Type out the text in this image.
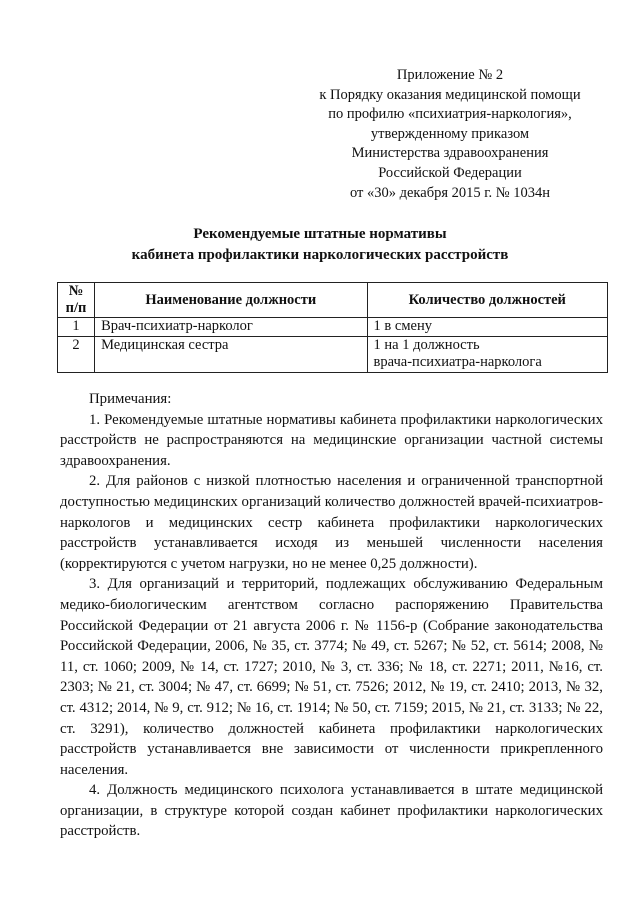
Приложение № 2
к Порядку оказания медицинской помощи
по профилю «психиатрия-наркология»,
утвержденному приказом
Министерства здравоохранения
Российской Федерации
от «30» декабря 2015 г. № 1034н
Рекомендуемые штатные нормативы
кабинета профилактики наркологических расстройств
№
п/п	Наименование должности	Количество должностей
1	Врач-психиатр-нарколог	1 в смену

2	Медицинская сестра	1 на 1 должность
врача-психиатра-нарколога

Примечания:

1. Рекомендуемые штатные нормативы кабинета профилактики наркологических расстройств не распространяются на медицинские организации частной системы здравоохранения.

2. Для районов с низкой плотностью населения и ограниченной транспортной доступностью медицинских организаций количество должностей врачей-психиатров-наркологов и медицинских сестр кабинета профилактики наркологических расстройств устанавливается исходя из меньшей численности населения (корректируются с учетом нагрузки, но не менее 0,25 должности).

3. Для организаций и территорий, подлежащих обслуживанию Федеральным медико-биологическим агентством согласно распоряжению Правительства Российской Федерации от 21 августа 2006 г. № 1156-р (Собрание законодательства Российской Федерации, 2006, № 35, ст. 3774; № 49, ст. 5267; № 52, ст. 5614; 2008, № 11, ст. 1060; 2009, № 14, ст. 1727; 2010, № 3, ст. 336; № 18, ст. 2271; 2011, №16, ст. 2303; № 21, ст. 3004; № 47, ст. 6699; № 51, ст. 7526; 2012, № 19, ст. 2410; 2013, № 32, ст. 4312; 2014, № 9, ст. 912; № 16, ст. 1914; № 50, ст. 7159; 2015, № 21, ст. 3133; № 22, ст. 3291), количество должностей кабинета профилактики наркологических расстройств устанавливается вне зависимости от численности прикрепленного населения.

4. Должность медицинского психолога устанавливается в штате медицинской организации, в структуре которой создан кабинет профилактики наркологических расстройств.
